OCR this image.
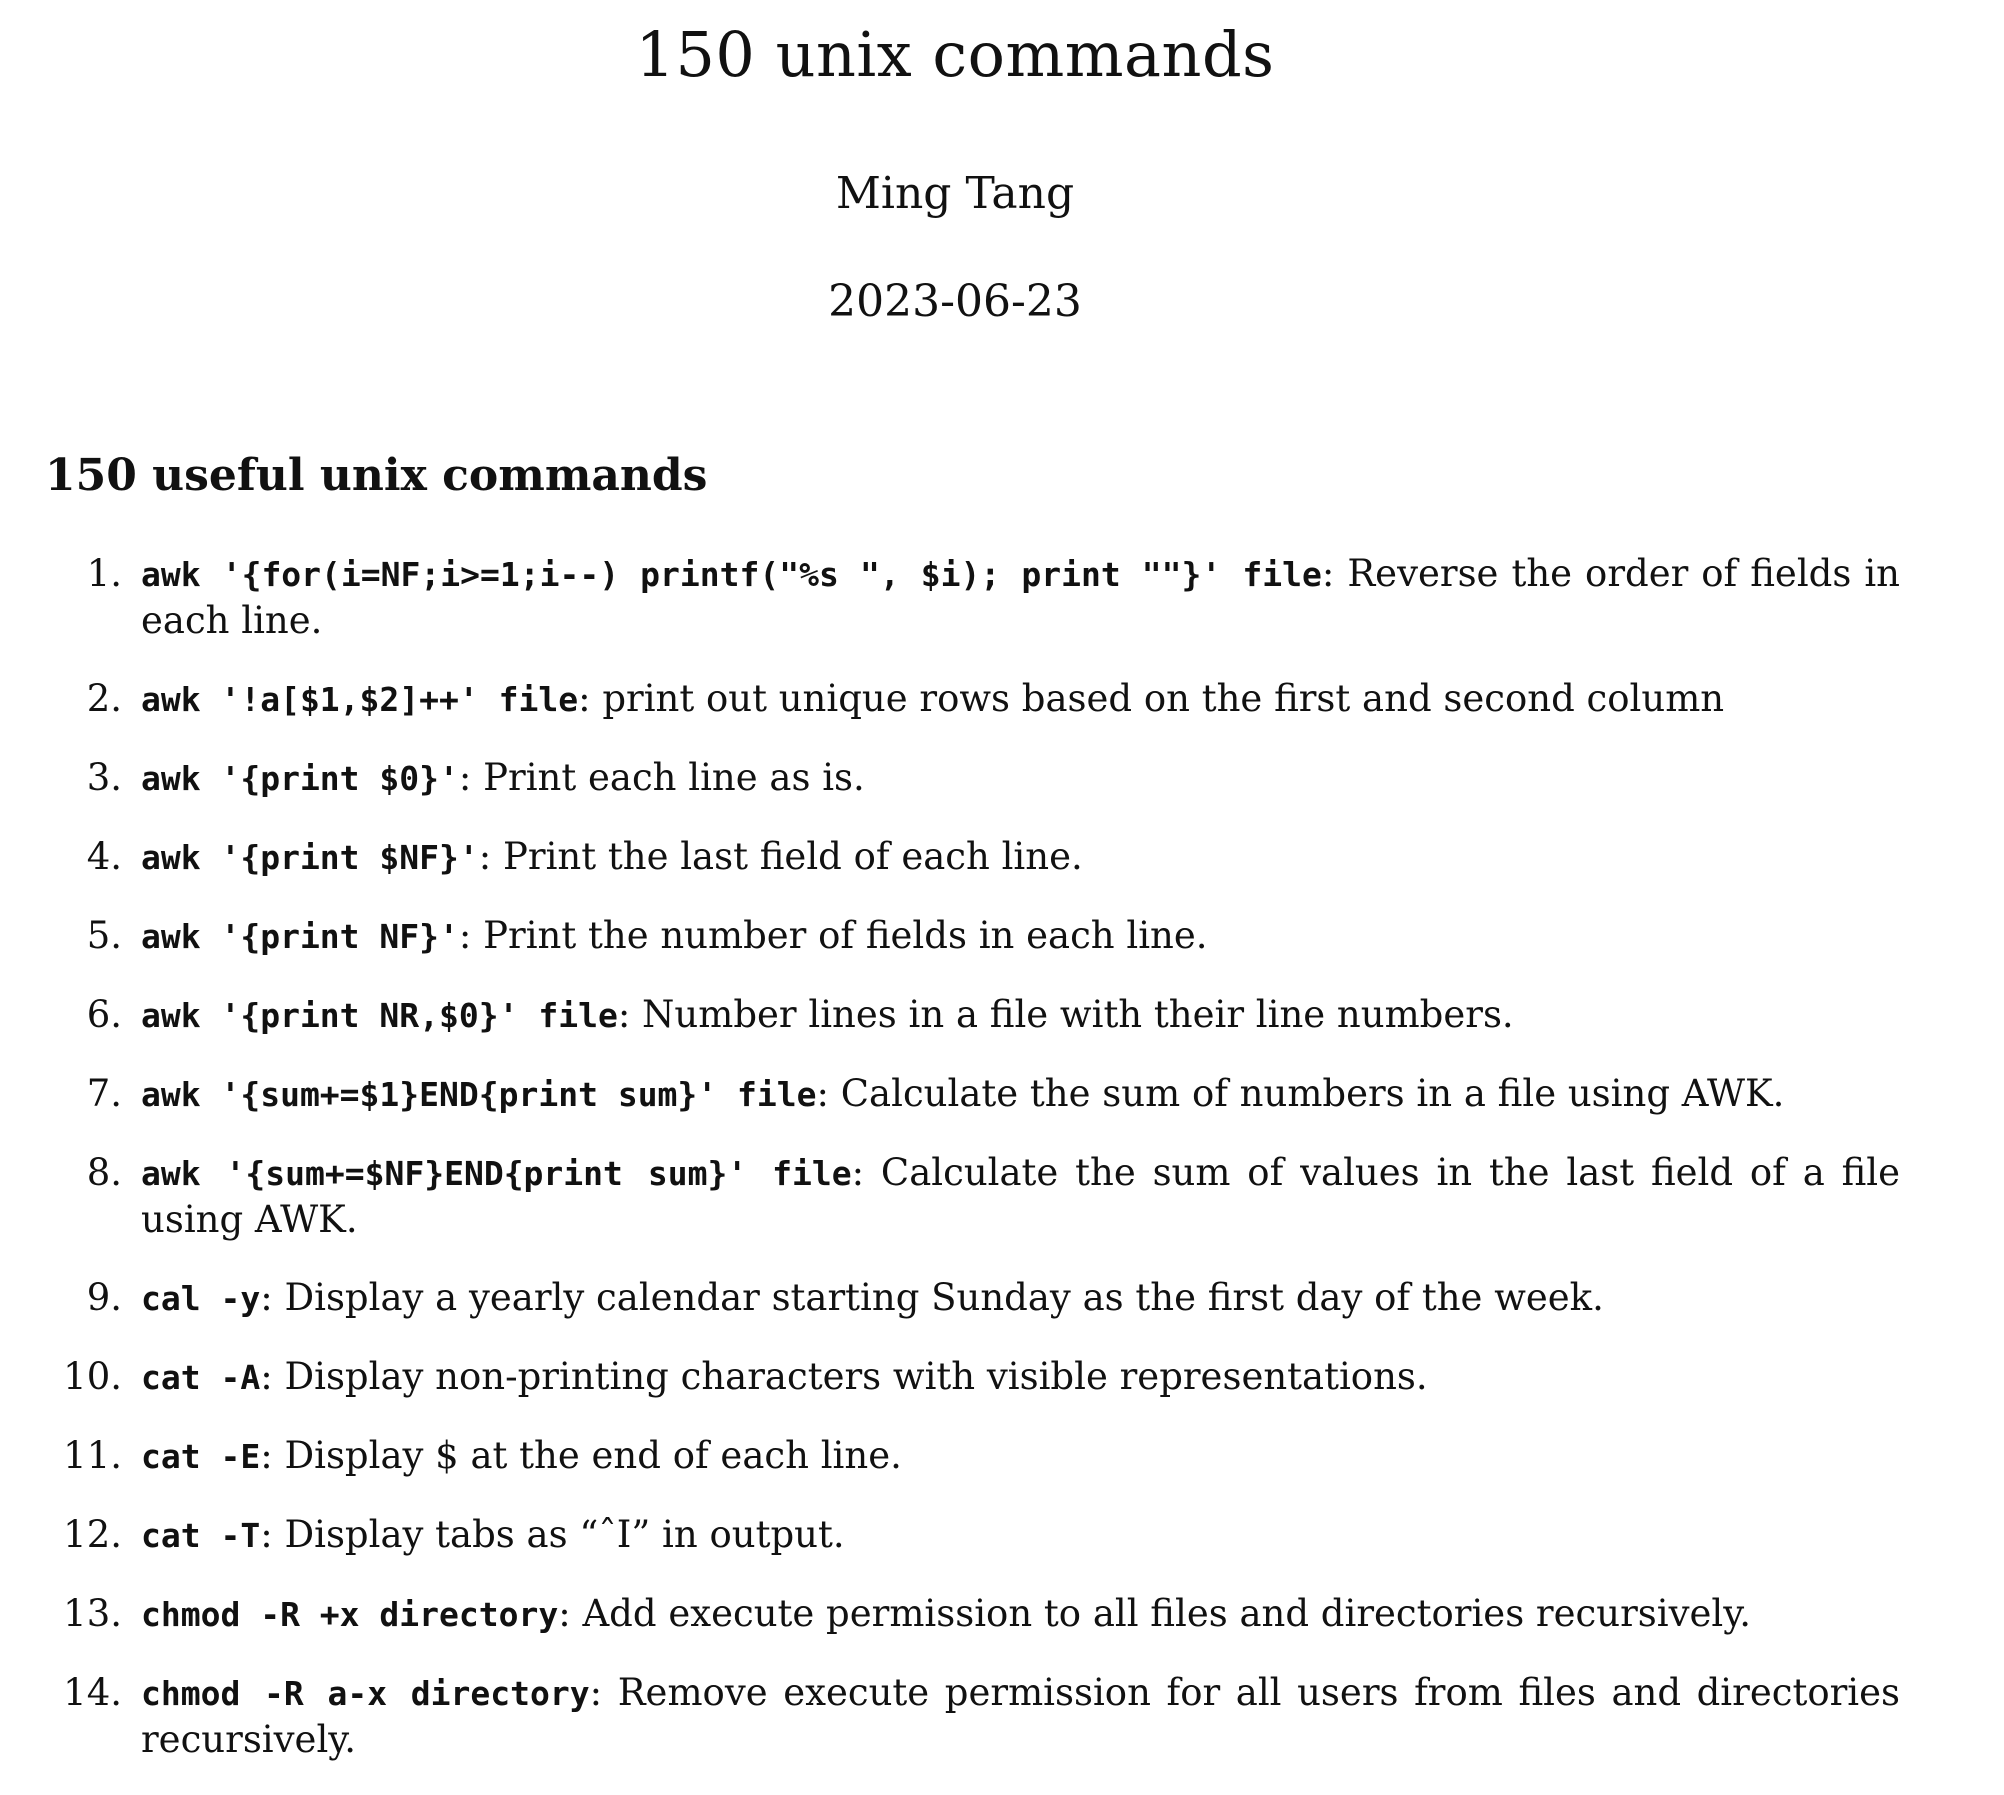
150 unix commands
Ming Tang
2023-06-23
150 useful unix commands
1. awk '{for(i=NF;i>=1;i--) printf("%s ", $i); print ""}' file: Reverse the order of fields in each line.
2. awk '!a[$1,$2]++' file: print out unique rows based on the first and second column
3. awk '{print $0}': Print each line as is.
4. awk '{print $NF}': Print the last field of each line.
5. awk '{print NF}': Print the number of fields in each line.
6. awk '{print NR,$0}' file: Number lines in a file with their line numbers.
7. awk '{sum+=$1}END{print sum}' file: Calculate the sum of numbers in a file using AWK.
8. awk '{sum+=$NF}END{print sum}' file: Calculate the sum of values in the last field of a file using AWK.
9. cal -y: Display a yearly calendar starting Sunday as the first day of the week.
10. cat -A: Display non-printing characters with visible representations.
11. cat -E: Display $ at the end of each line.
12. cat -T: Display tabs as “ˆI” in output.
13. chmod -R +x directory: Add execute permission to all files and directories recursively.
14. chmod -R a-x directory: Remove execute permission for all users from files and directories recursively.
